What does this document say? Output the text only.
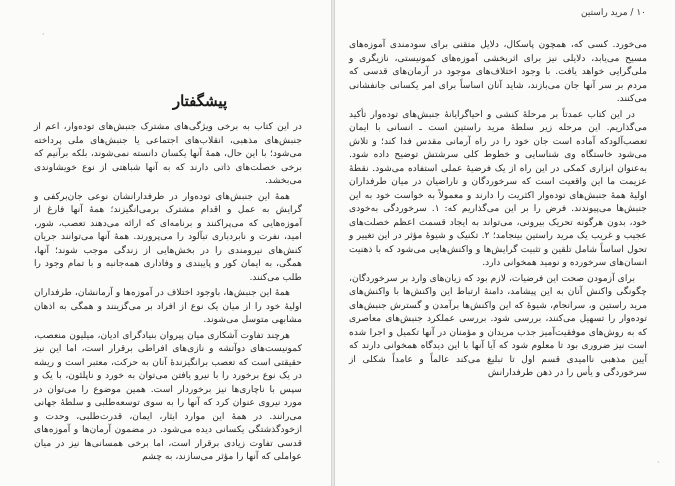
·
پیشگفتار

در این کتاب به برخی ویژگی‌های مشترک جنبش‌های توده‌وار، اعم از جنبش‌های مذهبی، انقلاب‌های اجتماعی یا جنبش‌های ملی پرداخته می‌شود؛ با این حال، همهٔ آنها یکسان دانسته نمی‌شوند، بلکه برآنیم که برخی خصلت‌های ذاتی دارند که به آنها شباهتی از نوع خویشاوندی می‌بخشد.

همهٔ این جنبش‌های توده‌وار در طرفدارانشان نوعی جان‌بر‌کفی و گرایش به عمل و اقدام مشترک برمی‌انگیزند؛ همهٔ آنها فارغ از آموزه‌هایی که می‌پراکنند و برنامه‌ای که ارائه می‌دهند تعصب، شور، امید، نفرت و نابردباری تبآلود را می‌پرورند. همهٔ آنها می‌توانند جریان کنش‌های نیرومندی را در بخش‌هایی از زندگی موجب شوند؛ آنها، همگی، به ایمان کور و پایبندی و وفاداری همه‌جانبه و با تمام وجود را طلب می‌کنند.

همهٔ این جنبش‌ها، باوجود اختلاف در آموزه‌ها و آرمانشان، طرفداران اولیهٔ خود را از میان یک نوع از افراد بر می‌گزینند و همگی به اذهان مشابهی متوسل می‌شوند.

هرچند تفاوت آشکاری میان پیروان بنیادگرای ادیان، میلیون منعصب، کمونیست‌های دوآتشه و نازی‌های افراطی برقرار است، اما این نیز حقیقتی است که تعصب برانگیزندهٔ آنان به حرکت، معتبر است و ریشه در یک نوع برخورد را با نیرو یافتن می‌توان به خورد و ناپلئون، با یک و سپس با ناچاری‌ها نیز برخوردار است. همین موضوع را می‌توان در مورد نیروی عنوان کرد که آنها را به سوی توسعه‌طلبی و سلطهٔ جهانی می‌رانند. در همهٔ این موارد ایثار، ایمان، قدرت‌طلبی، وحدت و ازخودگذشتگی یکسانی دیده می‌شود. در مضمون آرمان‌ها و آموزه‌های قدسی تفاوت زیادی برقرار است، اما برخی همسانی‌ها نیز در میان عواملی که آنها را مؤثر می‌سازند، به چشم

۱۰ / مرید راستین

می‌خورد. کسی که، همچون پاسکال، دلایل متقنی برای سودمندی آموزه‌های مسیح می‌یابد، دلایلی نیز برای اثربخشی آموزه‌های کمونیستی، نازیگری و ملی‌گرایی خواهد یافت. با وجود اختلاف‌های موجود در آرمان‌های قدسی که مردم بر سر آنها جان می‌بازند، شاید آنان اساساً برای امر یکسانی جانفشانی می‌کنند.

در این کتاب عمدتاً بر مرحلهٔ کنشی و احیاگرایانهٔ جنبش‌های توده‌وار تأکید می‌گذاریم. این مرحله زیر سلطهٔ مرید راستین است ـ انسانی با ایمان تعصب‌آلودکه آماده است جان خود را در راه آرمانی مقدس فدا کند؛ و تلاش می‌شود خاستگاه وی شناسایی و خطوط کلی سرشتش توضیح داده شود. به‌عنوان ابزاری کمکی در این راه از یک فرضیهٔ عملی استفاده می‌شود. نقطهٔ عزیمت ما این واقعیت است که سرخوردگان و ناراضیان در میان طرفداران اولیهٔ همهٔ جنبش‌های توده‌وار اکثریت را دارند و معمولاً به خواست خود به این جنبش‌ها می‌پیوندند. فرض را بر این می‌گذاریم که: ۱. سرخوردگی به‌خودی خود، بدون هرگونه تحریک بیرونی، می‌تواند به ایجاد قسمت اعظم خصلت‌های عجیب و غریب یک مرید راستین بینجامد؛ ۲. تکنیک و شیوهٔ مؤثر در این تغییر و تحول اساساً شامل تلقین و تثبیت گرایش‌ها و واکنش‌هایی می‌شود که با ذهنیت انسان‌های سرخورده و نومید همخوانی دارد.

برای آزمودن صحت این فرضیات، لازم بود که زیان‌های وارد بر سرخوردگان، چگونگی واکنش آنان به این پیشامد، دامنهٔ ارتباط این واکنش‌ها با واکنش‌های مرید راستین و، سرانجام، شیوهٔ که این واکنش‌ها برآمدن و گسترش جنبش‌های توده‌وار را تسهیل می‌کنند، بررسی شود. بررسی عملکرد جنبش‌های معاصری که به روش‌های موفقیت‌آمیز جذب مریدان و مؤمنان در آنها تکمیل و اجرا شده است نیز ضروری بود تا معلوم شود که آیا آنها با این دیدگاه همخوانی دارند که آیین مذهبی ناامیدی قسم اول تا تبلیغ می‌کند عالماً و عامداً شکلی از سرخوردگی و یأس را در ذهن طرفدارانش

·
